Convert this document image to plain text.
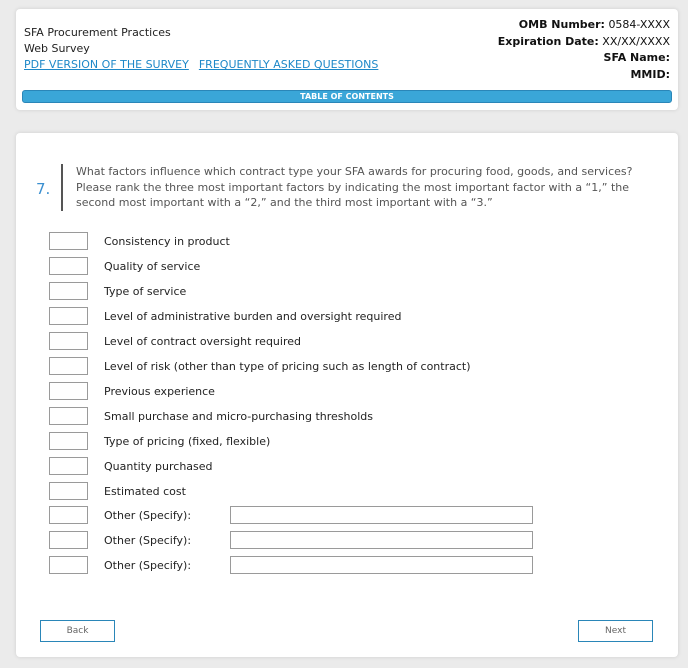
SFA Procurement Practices
Web Survey
PDF VERSION OF THE SURVEY FREQUENTLY ASKED QUESTIONS
OMB Number: 0584-XXXX
Expiration Date: XX/XX/XXXX
SFA Name:
MMID:
TABLE OF CONTENTS
7.
What factors influence which contract type your SFA awards for procuring food, goods, and services? Please rank the three most important factors by indicating the most important factor with a “1,” the second most important with a “2,” and the third most important with a “3.”
Consistency in product
Quality of service
Type of service
Level of administrative burden and oversight required
Level of contract oversight required
Level of risk (other than type of pricing such as length of contract)
Previous experience
Small purchase and micro-purchasing thresholds
Type of pricing (fixed, flexible)
Quantity purchased
Estimated cost
Other (Specify):
Other (Specify):
Other (Specify):
Back	Next
